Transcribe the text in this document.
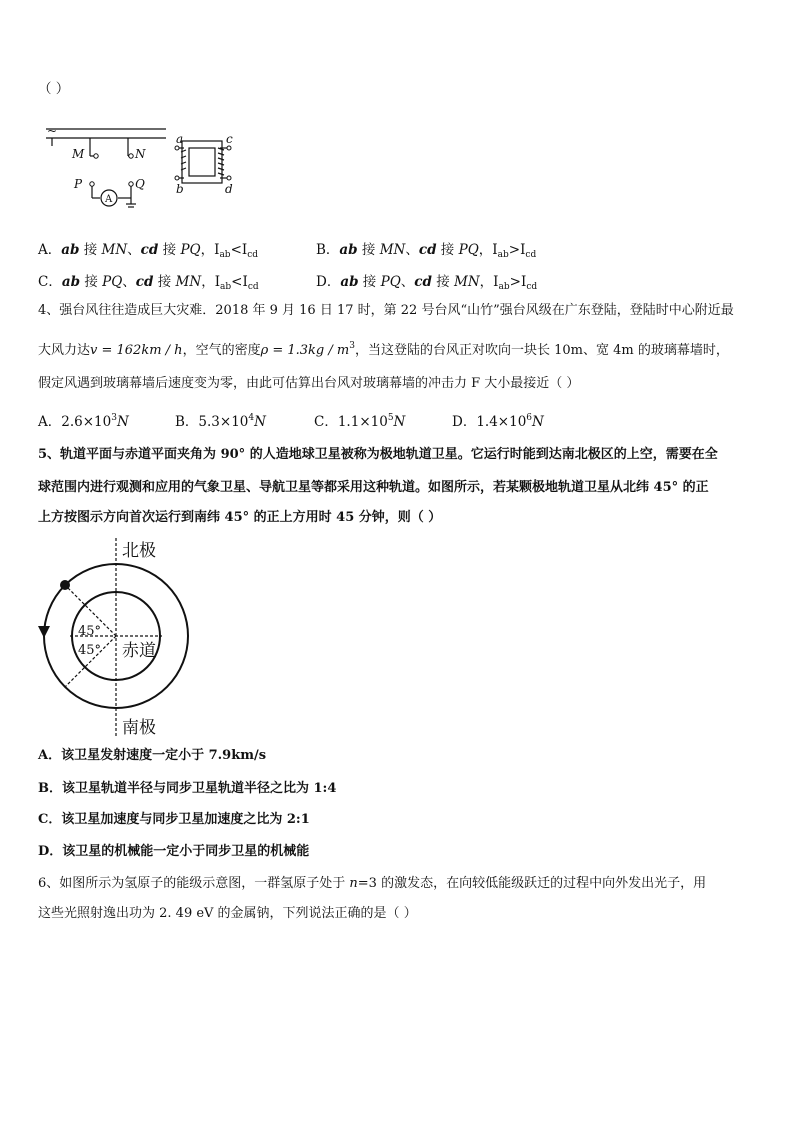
（ ）
~
M	N
P	Q
A
a
b
c
d
A．ab 接 MN、cd 接 PQ，$I_{ab}<I_{cd}$	B．ab 接 MN、cd 接 PQ，$I_{ab}>I_{cd}$
C．ab 接 PQ、cd 接 MN，$I_{ab}<I_{cd}$	D．ab 接 PQ、cd 接 MN，$I_{ab}>I_{cd}$
4、强台风往往造成巨大灾难．2018 年 9 月 16 日 17 时，第 22 号台风“山竹”强台风级在广东登陆，登陆时中心附近最
大风力达v = 162km / h，空气的密度$\rho = 1.3kg / m^3$，当这登陆的台风正对吹向一块长 10m、宽 4m 的玻璃幕墙时，
假定风遇到玻璃幕墙后速度变为零，由此可估算出台风对玻璃幕墙的冲击力 F 大小最接近（ ）
A．$2.6\times 10^3N$	B．$5.3\times 10^4N$	C．$1.1\times 10^5N$	D．$1.4\times 10^6N$
5、轨道平面与赤道平面夹角为 90° 的人造地球卫星被称为极地轨道卫星。它运行时能到达南北极区的上空，需要在全
球范围内进行观测和应用的气象卫星、导航卫星等都采用这种轨道。如图所示，若某颗极地轨道卫星从北纬 45° 的正
上方按图示方向首次运行到南纬 45° 的正上方用时 45 分钟，则（ ）
北极
南极
赤道
45°
45°
A．该卫星发射速度一定小于 7.9km/s
B．该卫星轨道半径与同步卫星轨道半径之比为 1:4
C．该卫星加速度与同步卫星加速度之比为 2:1
D．该卫星的机械能一定小于同步卫星的机械能
6、如图所示为氢原子的能级示意图，一群氢原子处于 n=3 的激发态，在向较低能级跃迁的过程中向外发出光子，用
这些光照射逸出功为 2. 49 eV 的金属钠，下列说法正确的是（ ）
